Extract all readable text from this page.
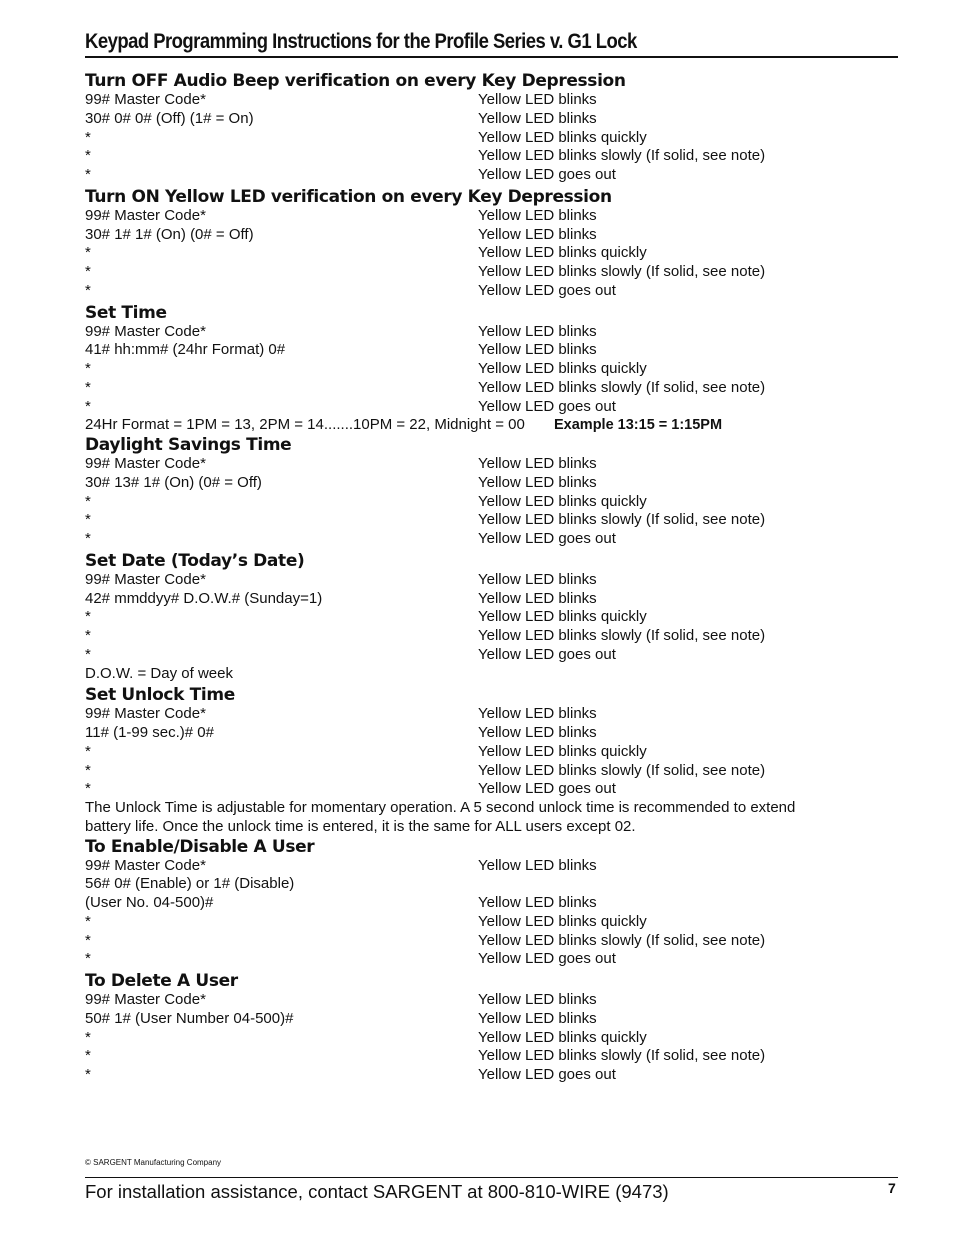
Keypad Programming Instructions for the Profile Series v. G1 Lock
Turn OFF Audio Beep verification on every Key Depression
99# Master Code*	Yellow LED blinks
30# 0# 0# (Off) (1# = On)	Yellow LED blinks
*	Yellow LED blinks quickly
*	Yellow LED blinks slowly (If solid, see note)
*	Yellow LED goes out
Turn ON Yellow LED verification on every Key Depression
99# Master Code*	Yellow LED blinks
30# 1# 1# (On) (0# = Off)	Yellow LED blinks
*	Yellow LED blinks quickly
*	Yellow LED blinks slowly (If solid, see note)
*	Yellow LED goes out
Set Time
99# Master Code*	Yellow LED blinks
41# hh:mm# (24hr Format) 0#	Yellow LED blinks
*	Yellow LED blinks quickly
*	Yellow LED blinks slowly (If solid, see note)
*	Yellow LED goes out
24Hr Format = 1PM = 13, 2PM = 14.......10PM = 22, Midnight = 00 Example 13:15 = 1:15PM
Daylight Savings Time
99# Master Code*	Yellow LED blinks
30# 13# 1# (On) (0# = Off)	Yellow LED blinks
*	Yellow LED blinks quickly
*	Yellow LED blinks slowly (If solid, see note)
*	Yellow LED goes out
Set Date (Today’s Date)
99# Master Code*	Yellow LED blinks
42# mmddyy# D.O.W.# (Sunday=1)	Yellow LED blinks
*	Yellow LED blinks quickly
*	Yellow LED blinks slowly (If solid, see note)
*	Yellow LED goes out
D.O.W. = Day of week
Set Unlock Time
99# Master Code*	Yellow LED blinks
11# (1-99 sec.)# 0#	Yellow LED blinks
*	Yellow LED blinks quickly
*	Yellow LED blinks slowly (If solid, see note)
*	Yellow LED goes out
The Unlock Time is adjustable for momentary operation. A 5 second unlock time is recommended to extend
battery life. Once the unlock time is entered, it is the same for ALL users except 02.
To Enable/Disable A User
99# Master Code*	Yellow LED blinks
56# 0# (Enable) or 1# (Disable)
(User No. 04-500)#	Yellow LED blinks
*	Yellow LED blinks quickly
*	Yellow LED blinks slowly (If solid, see note)
*	Yellow LED goes out
To Delete A User
99# Master Code*	Yellow LED blinks
50# 1# (User Number 04-500)#	Yellow LED blinks
*	Yellow LED blinks quickly
*	Yellow LED blinks slowly (If solid, see note)
*	Yellow LED goes out
© SARGENT Manufacturing Company
For installation assistance, contact SARGENT at 800-810-WIRE (9473)	7
